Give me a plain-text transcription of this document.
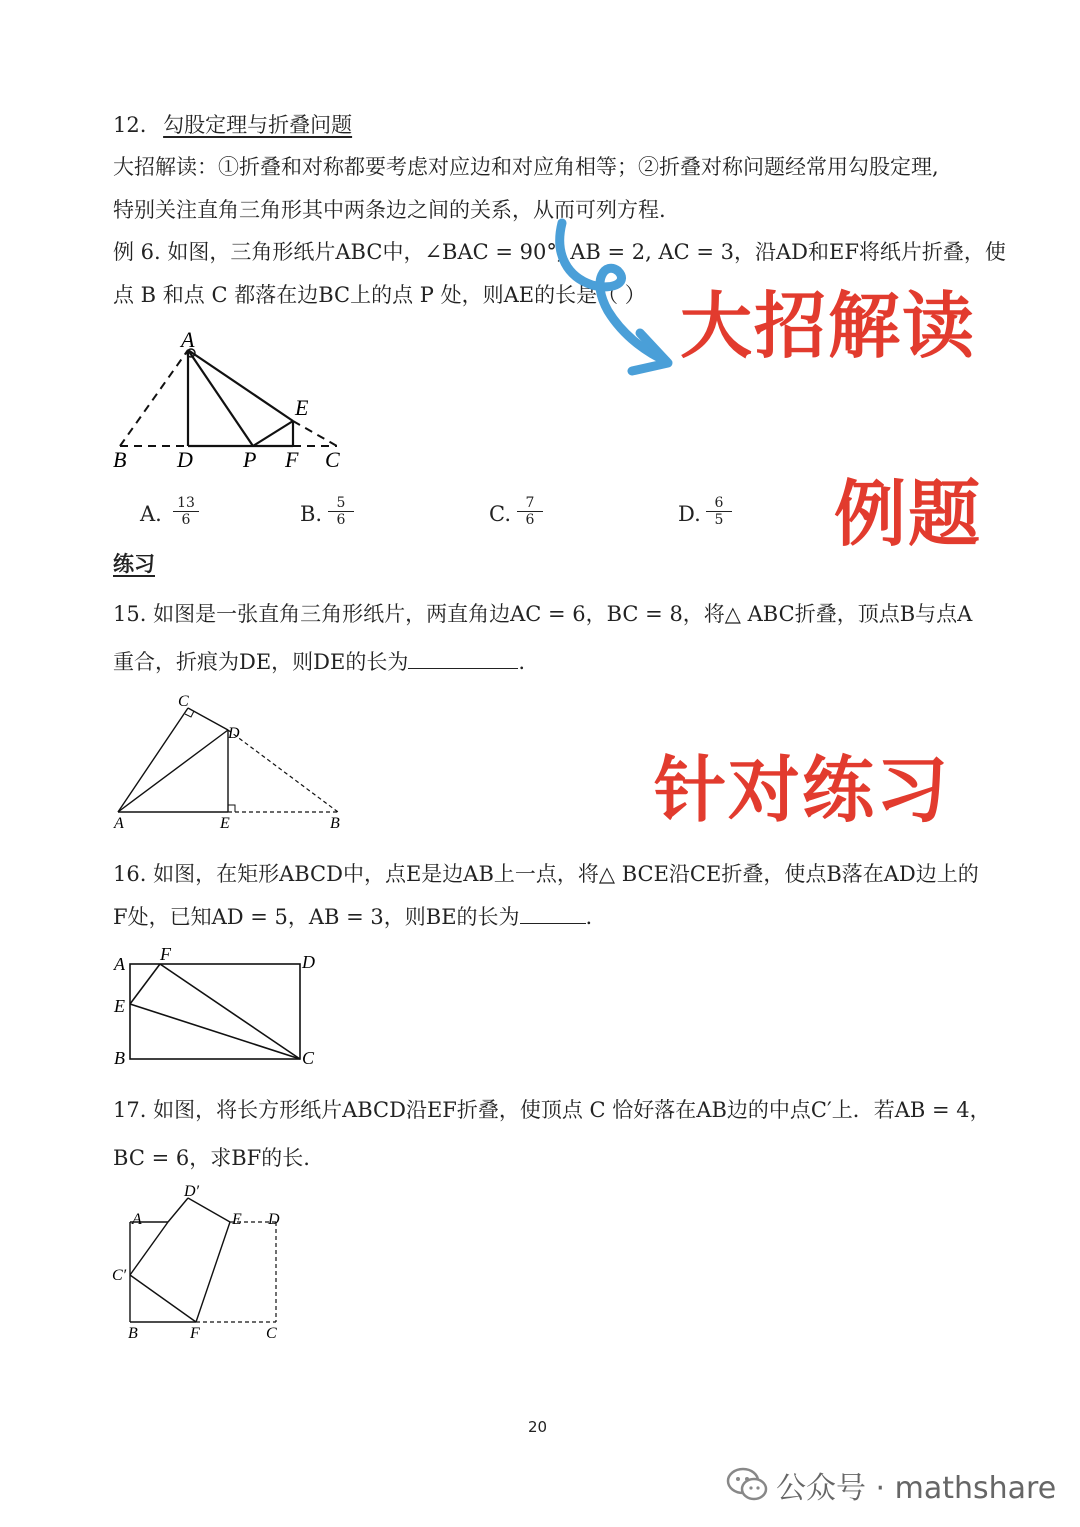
12. 勾股定理与折叠问题
大招解读：①折叠和对称都要考虑对应边和对应角相等；②折叠对称问题经常用勾股定理,
特别关注直角三角形其中两条边之间的关系，从而可列方程.
例 6. 如图，三角形纸片ABC中，∠BAC = 90°, AB = 2, AC = 3，沿AD和EF将纸片折叠，使
点 B 和点 C 都落在边BC上的点 P 处，则AE的长是（ ）
A
B D P F C
E
A. $\frac{13}{6}$	B. $\frac{5}{6}$	C. $\frac{7}{6}$	D. $\frac{6}{5}$
练习
15. 如图是一张直角三角形纸片，两直角边AC = 6，BC = 8，将△ ABC折叠，顶点B与点A
重合，折痕为DE，则DE的长为	.
C
D
A	E	B
16. 如图，在矩形ABCD中，点E是边AB上一点，将△ BCE沿CE折叠，使点B落在AD边上的
F处，已知AD = 5，AB = 3，则BE的长为	.
A F	D
E
B	C
17. 如图，将长方形纸片ABCD沿EF折叠，使顶点 C 恰好落在AB边的中点C′上．若AB = 4，
BC = 6，求BF的长.
D′
A	E D
C′
B	F	C
大招解读
例题
针对练习
20
公众号 · mathshare
